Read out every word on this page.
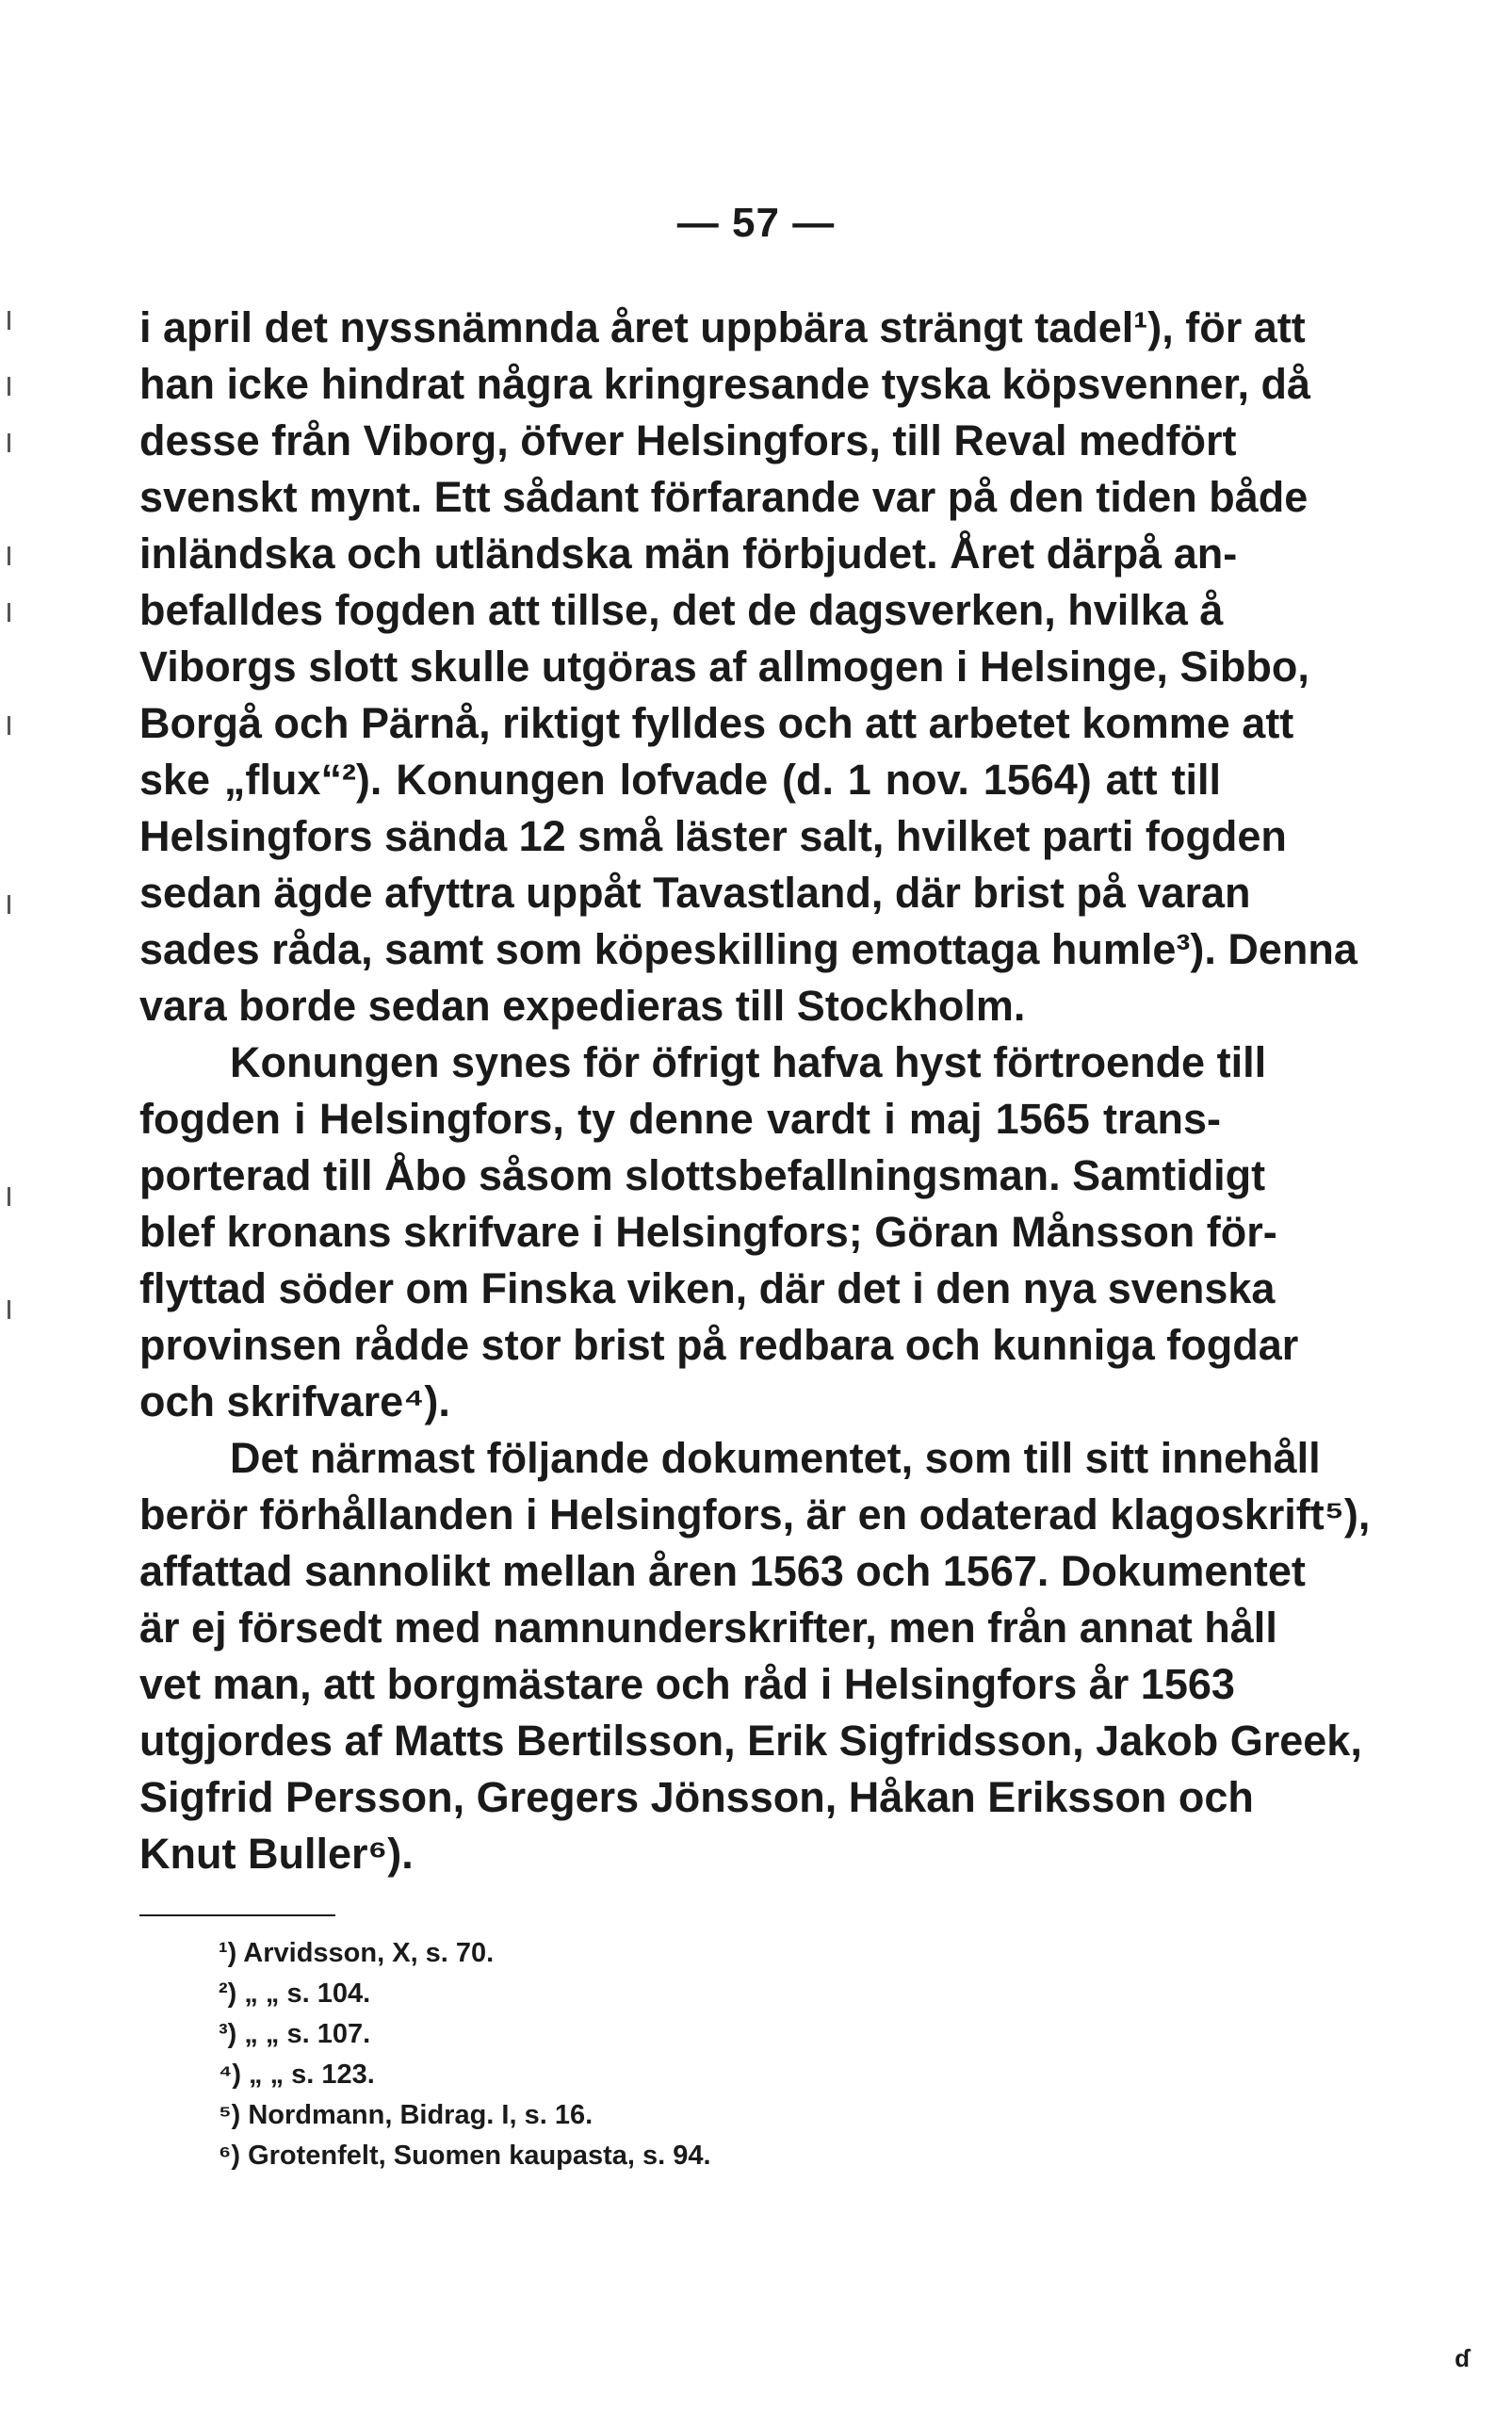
— 57 —
i april det nyssnämnda året uppbära strängt tadel¹), för att
han icke hindrat några kringresande tyska köpsvenner, då
desse från Viborg, öfver Helsingfors, till Reval medfört
svenskt mynt. Ett sådant förfarande var på den tiden både
inländska och utländska män förbjudet. Året därpå an-
befalldes fogden att tillse, det de dagsverken, hvilka å
Viborgs slott skulle utgöras af allmogen i Helsinge, Sibbo,
Borgå och Pärnå, riktigt fylldes och att arbetet komme att
ske „flux“²). Konungen lofvade (d. 1 nov. 1564) att till
Helsingfors sända 12 små läster salt, hvilket parti fogden
sedan ägde afyttra uppåt Tavastland, där brist på varan
sades råda, samt som köpeskilling emottaga humle³). Denna
vara borde sedan expedieras till Stockholm.
Konungen synes för öfrigt hafva hyst förtroende till
fogden i Helsingfors, ty denne vardt i maj 1565 trans-
porterad till Åbo såsom slottsbefallningsman. Samtidigt
blef kronans skrifvare i Helsingfors; Göran Månsson för-
flyttad söder om Finska viken, där det i den nya svenska
provinsen rådde stor brist på redbara och kunniga fogdar
och skrifvare⁴).
Det närmast följande dokumentet, som till sitt innehåll
berör förhållanden i Helsingfors, är en odaterad klagoskrift⁵),
affattad sannolikt mellan åren 1563 och 1567. Dokumentet
är ej försedt med namnunderskrifter, men från annat håll
vet man, att borgmästare och råd i Helsingfors år 1563
utgjordes af Matts Bertilsson, Erik Sigfridsson, Jakob Greek,
Sigfrid Persson, Gregers Jönsson, Håkan Eriksson och
Knut Buller⁶).
¹) Arvidsson, X, s. 70.
²) „ „ s. 104.
³) „ „ s. 107.
⁴) „ „ s. 123.
⁵) Nordmann, Bidrag. I, s. 16.
⁶) Grotenfelt, Suomen kaupasta, s. 94.
ɗ
